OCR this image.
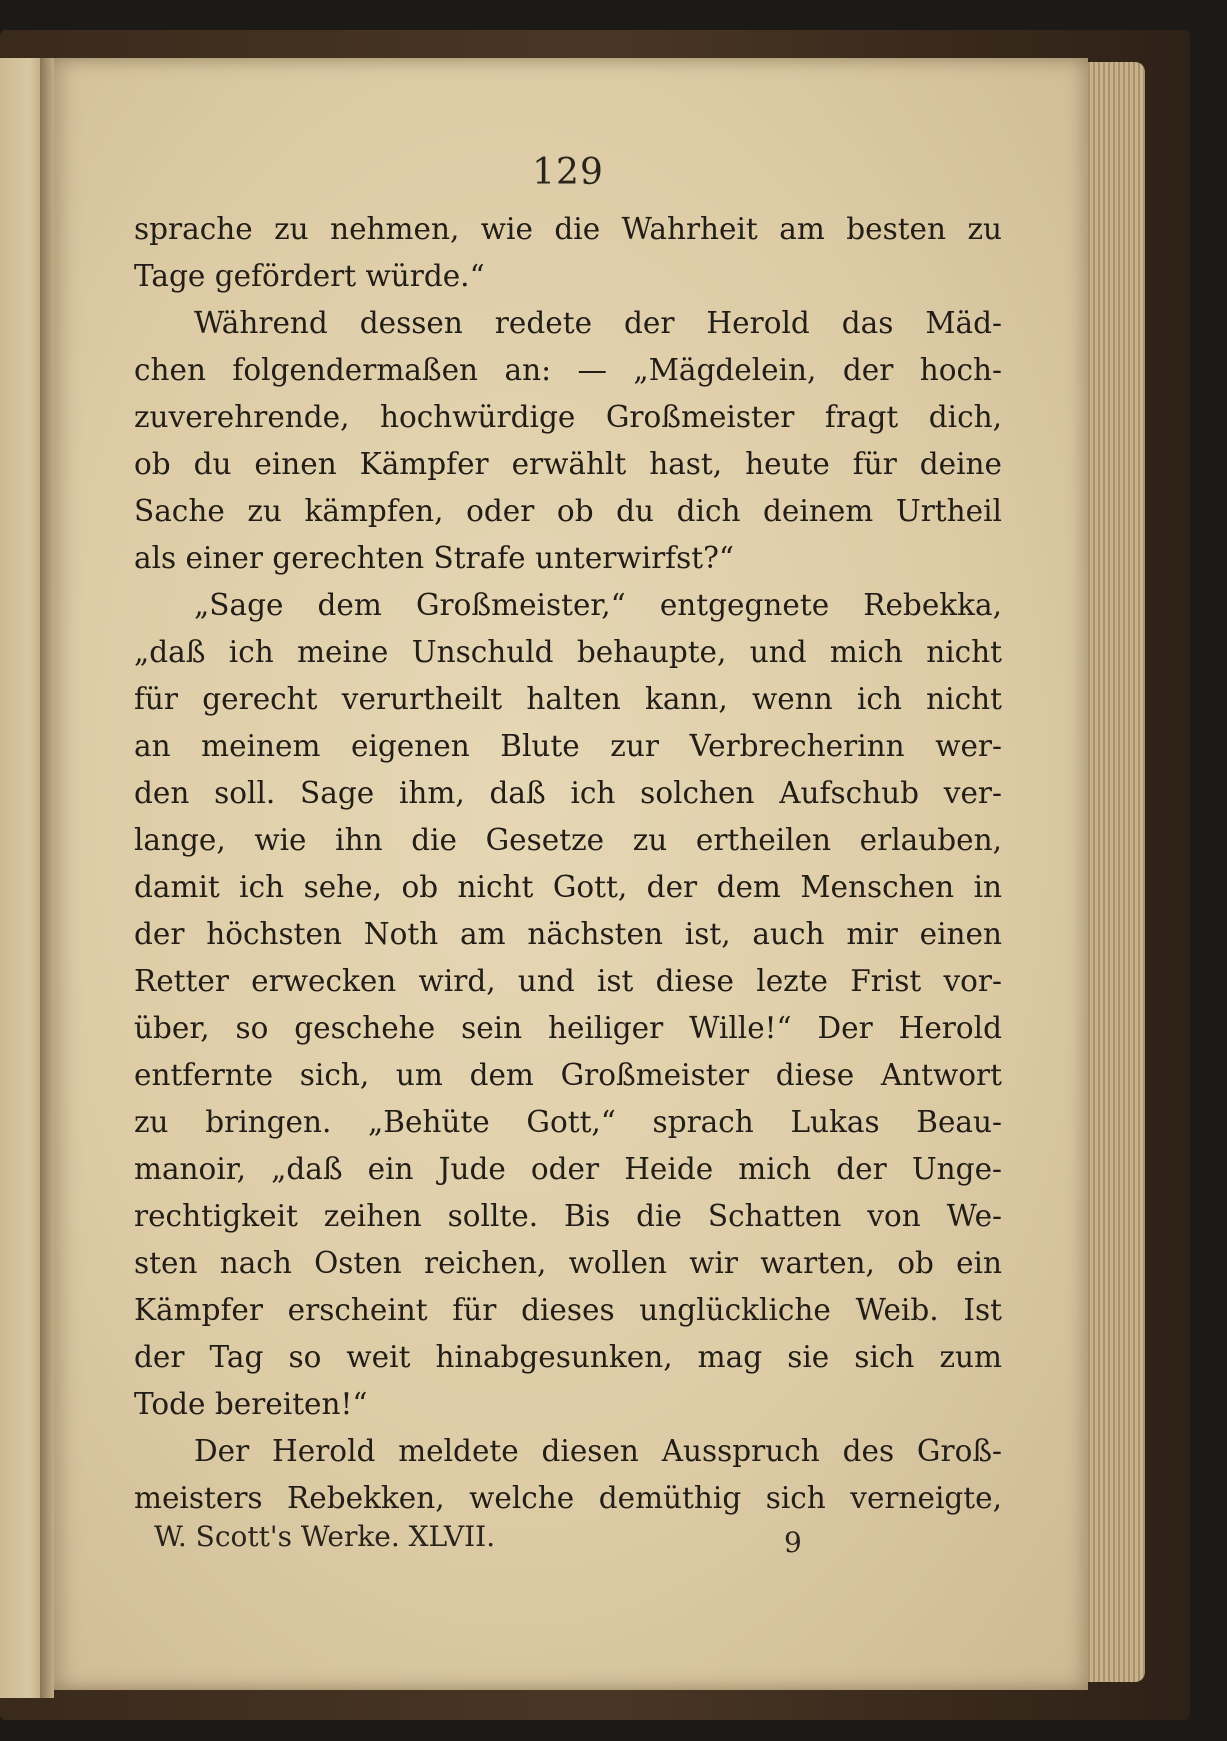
129
sprache zu nehmen, wie die Wahrheit am besten zu
Tage gefördert würde.“
Während dessen redete der Herold das Mäd-
chen folgendermaßen an: — „Mägdelein, der hoch-
zuverehrende, hochwürdige Großmeister fragt dich,
ob du einen Kämpfer erwählt hast, heute für deine
Sache zu kämpfen, oder ob du dich deinem Urtheil
als einer gerechten Strafe unterwirfst?“
„Sage dem Großmeister,“ entgegnete Rebekka,
„daß ich meine Unschuld behaupte, und mich nicht
für gerecht verurtheilt halten kann, wenn ich nicht
an meinem eigenen Blute zur Verbrecherinn wer-
den soll. Sage ihm, daß ich solchen Aufschub ver-
lange, wie ihn die Gesetze zu ertheilen erlauben,
damit ich sehe, ob nicht Gott, der dem Menschen in
der höchsten Noth am nächsten ist, auch mir einen
Retter erwecken wird, und ist diese lezte Frist vor-
über, so geschehe sein heiliger Wille!“ Der Herold
entfernte sich, um dem Großmeister diese Antwort
zu bringen. „Behüte Gott,“ sprach Lukas Beau-
manoir, „daß ein Jude oder Heide mich der Unge-
rechtigkeit zeihen sollte. Bis die Schatten von We-
sten nach Osten reichen, wollen wir warten, ob ein
Kämpfer erscheint für dieses unglückliche Weib. Ist
der Tag so weit hinabgesunken, mag sie sich zum
Tode bereiten!“
Der Herold meldete diesen Ausspruch des Groß-
meisters Rebekken, welche demüthig sich verneigte,
W. Scott's Werke. XLVII.	9
